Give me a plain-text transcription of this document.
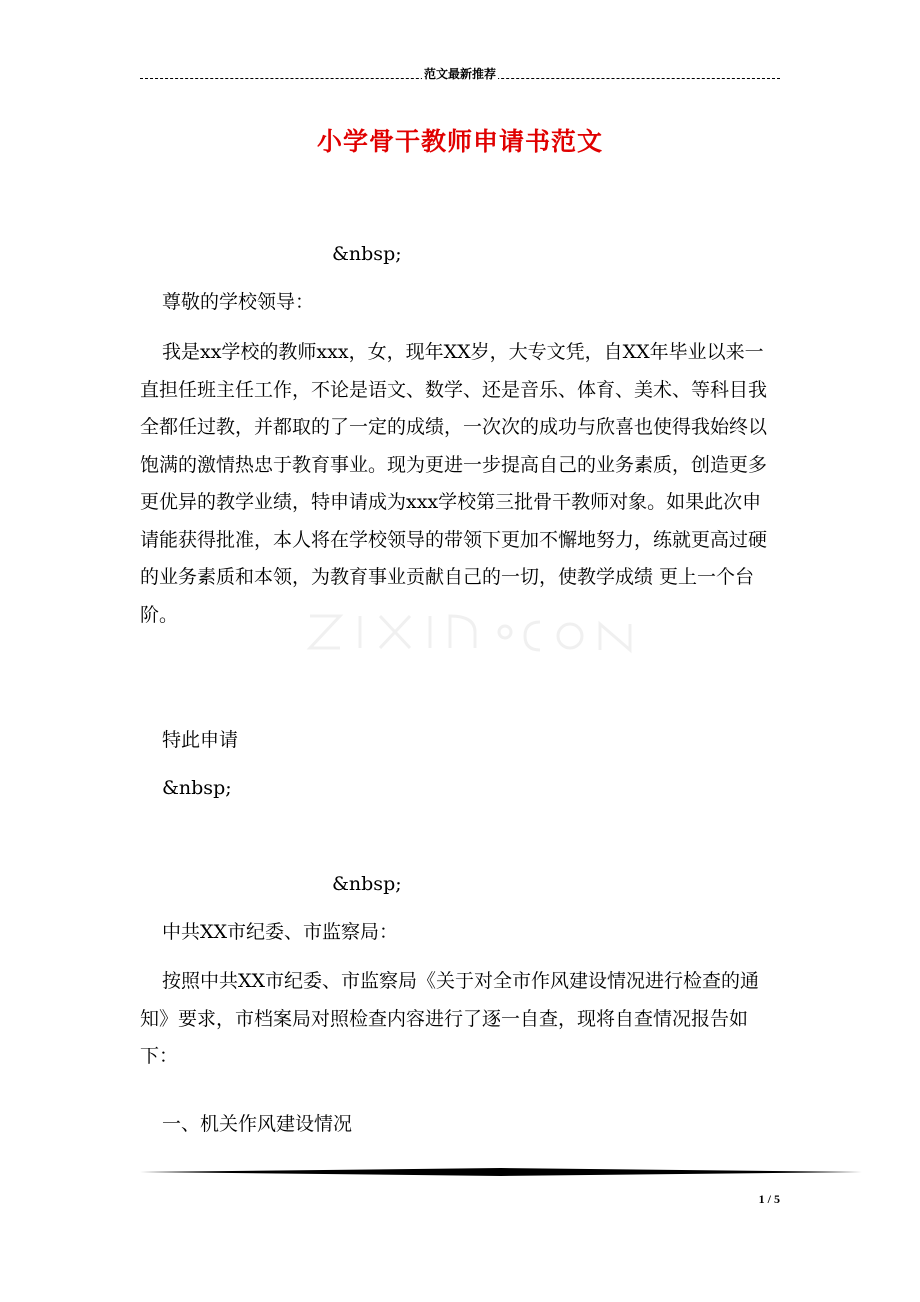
范文最新推荐
小学骨干教师申请书范文

&nbsp;

尊敬的学校领导：

我是xx学校的教师xxx，女，现年XX岁，大专文凭，自XX年毕业以来一直担任班主任工作，不论是语文、数学、还是音乐、体育、美术、等科目我全都任过教，并都取的了一定的成绩，一次次的成功与欣喜也使得我始终以饱满的激情热忠于教育事业。现为更进一步提高自己的业务素质，创造更多更优异的教学业绩，特申请成为xxx学校第三批骨干教师对象。如果此次申请能获得批准，本人将在学校领导的带领下更加不懈地努力，练就更高过硬的业务素质和本领，为教育事业贡献自己的一切，使教学成绩 更上一个台阶。

特此申请

&nbsp;

&nbsp;

中共XX市纪委、市监察局：

按照中共XX市纪委、市监察局《关于对全市作风建设情况进行检查的通知》要求，市档案局对照检查内容进行了逐一自查，现将自查情况报告如下：

一、机关作风建设情况

1 / 5
